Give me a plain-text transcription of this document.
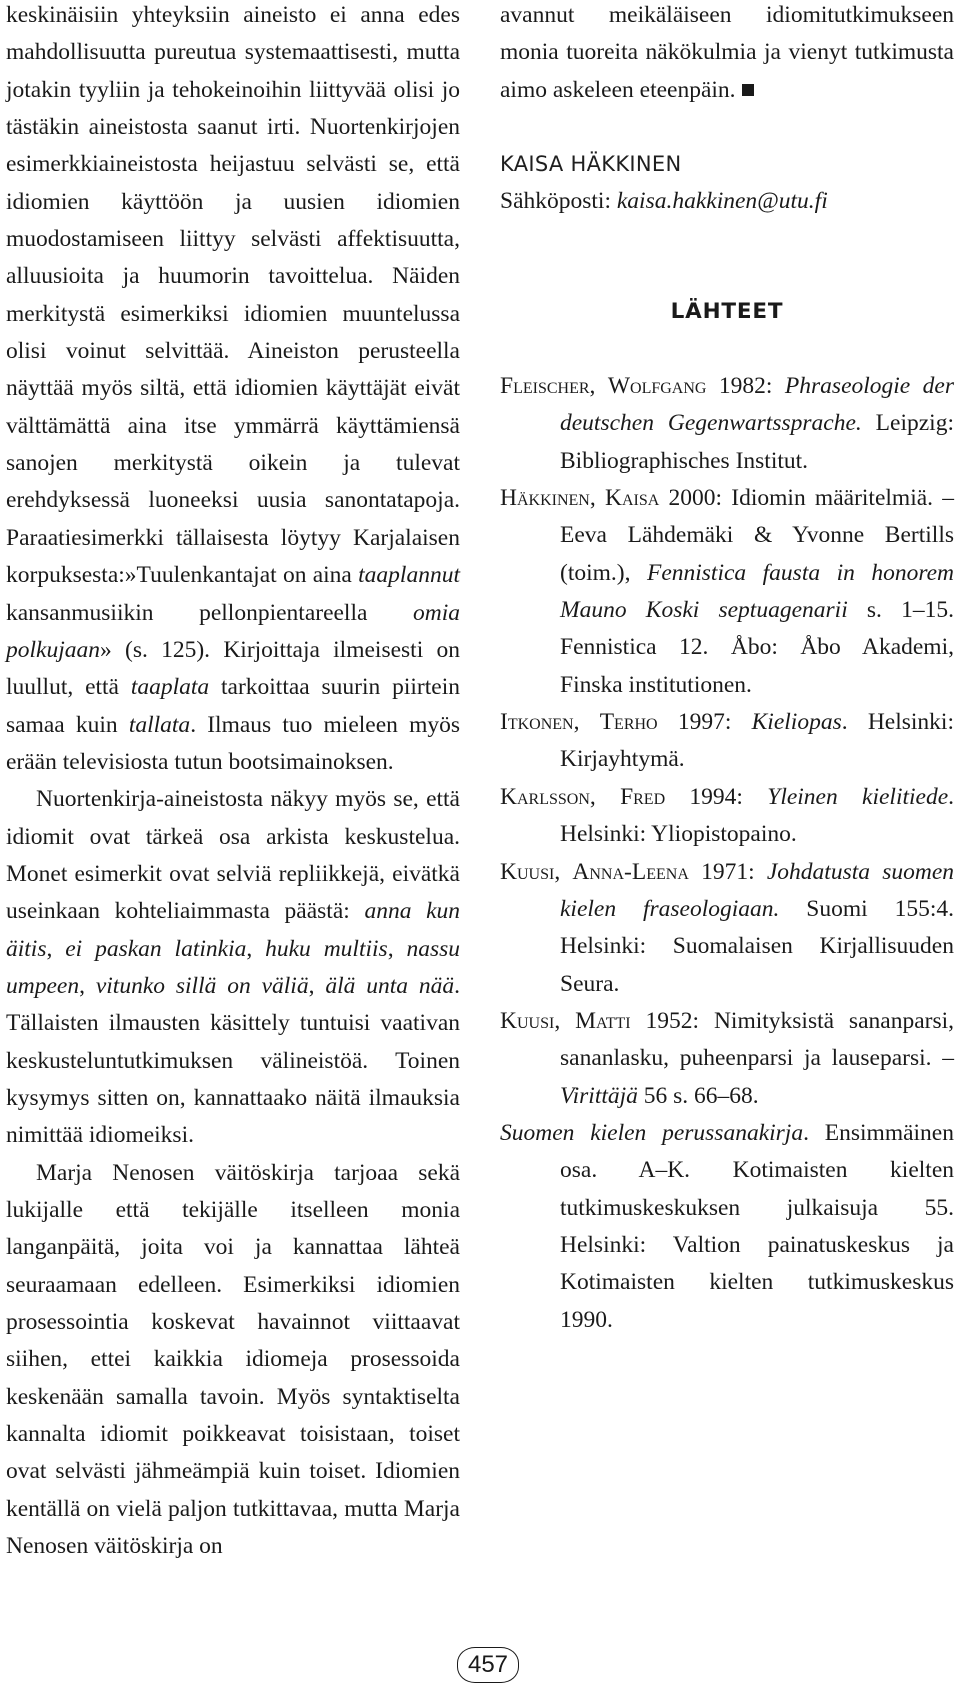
keskinäisiin yhteyksiin aineisto ei anna edes mahdollisuutta pureutua systemaattisesti, mutta jotakin tyyliin ja tehokeinoihin liittyvää olisi jo tästäkin aineistosta saanut irti. Nuortenkirjojen esimerkkiaineistosta heijastuu selvästi se, että idiomien käyttöön ja uusien idiomien muodostamiseen liittyy selvästi affektisuutta, alluusioita ja huumorin tavoittelua. Näiden merkitystä esimerkiksi idiomien muuntelussa olisi voinut selvittää. Aineiston perusteella näyttää myös siltä, että idiomien käyttäjät eivät välttämättä aina itse ymmärrä käyttämiensä sanojen merkitystä oikein ja tulevat erehdyksessä luoneeksi uusia sanontatapoja. Paraatiesimerkki tällaisesta löytyy Karjalaisen korpuksesta:»Tuulenkantajat on aina taaplannut kansanmusiikin pellonpientareella omia polkujaan» (s. 125). Kirjoittaja ilmeisesti on luullut, että taaplata tarkoittaa suurin piirtein samaa kuin tallata. Ilmaus tuo mieleen myös erään televisiosta tutun bootsimainoksen.

Nuortenkirja-aineistosta näkyy myös se, että idiomit ovat tärkeä osa arkista keskustelua. Monet esimerkit ovat selviä repliikkejä, eivätkä useinkaan kohteliaimmasta päästä: anna kun äitis, ei paskan latinkia, huku multiis, nassu umpeen, vitunko sillä on väliä, älä unta nää. Tällaisten ilmausten käsittely tuntuisi vaativan keskusteluntutkimuksen välineistöä. Toinen kysymys sitten on, kannattaako näitä ilmauksia nimittää idiomeiksi.

Marja Nenosen väitöskirja tarjoaa sekä lukijalle että tekijälle itselleen monia langanpäitä, joita voi ja kannattaa lähteä seuraamaan edelleen. Esimerkiksi idiomien prosessointia koskevat havainnot viittaavat siihen, ettei kaikkia idiomeja prosessoida keskenään samalla tavoin. Myös syntaktiselta kannalta idiomit poikkeavat toisistaan, toiset ovat selvästi jähmeämpiä kuin toiset. Idiomien kentällä on vielä paljon tutkittavaa, mutta Marja Nenosen väitöskirja on

avannut meikäläiseen idiomitutkimukseen monia tuoreita näkökulmia ja vienyt tutkimusta aimo askeleen eteenpäin.

KAISA HÄKKINEN

Sähköposti: kaisa.hakkinen@utu.fi

LÄHTEET

Fleischer, Wolfgang 1982: Phraseologie der deutschen Gegenwartssprache. Leipzig: Bibliographisches Institut.

Häkkinen, Kaisa 2000: Idiomin määritelmiä. – Eeva Lähdemäki & Yvonne Bertills (toim.), Fennistica fausta in honorem Mauno Koski septuagenarii s. 1–15. Fennistica 12. Åbo: Åbo Akademi, Finska institutionen.

Itkonen, Terho 1997: Kieliopas. Helsinki: Kirjayhtymä.

Karlsson, Fred 1994: Yleinen kielitiede. Helsinki: Yliopistopaino.

Kuusi, Anna-Leena 1971: Johdatusta suomen kielen fraseologiaan. Suomi 155:4. Helsinki: Suomalaisen Kirjallisuuden Seura.

Kuusi, Matti 1952: Nimityksistä sananparsi, sananlasku, puheenparsi ja lauseparsi. – Virittäjä 56 s. 66–68.

Suomen kielen perussanakirja. Ensimmäinen osa. A–K. Kotimaisten kielten tutkimuskeskuksen julkaisuja 55. Helsinki: Valtion painatuskeskus ja Kotimaisten kielten tutkimuskeskus 1990.

457
